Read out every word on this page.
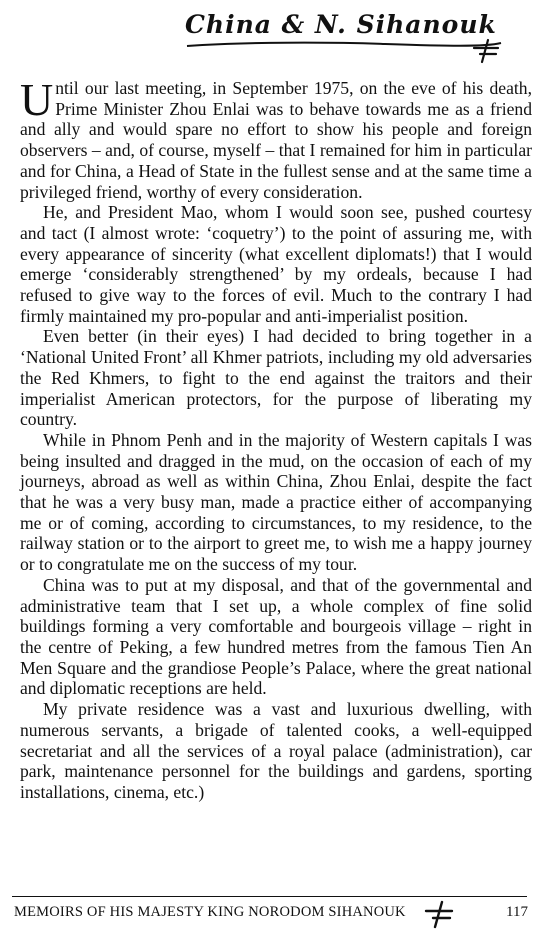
China & N. Sihanouk

Until our last meeting, in September 1975, on the eve of his death, Prime Minister Zhou Enlai was to behave towards me as a friend and ally and would spare no effort to show his people and foreign observers – and, of course, myself – that I remained for him in particular and for China, a Head of State in the fullest sense and at the same time a privileged friend, worthy of every consideration.

He, and President Mao, whom I would soon see, pushed courtesy and tact (I almost wrote: ‘coquetry’) to the point of assuring me, with every appearance of sincerity (what excellent diplomats!) that I would emerge ‘considerably strengthened’ by my ordeals, because I had refused to give way to the forces of evil. Much to the contrary I had firmly maintained my pro-popular and anti-imperialist position.

Even better (in their eyes) I had decided to bring together in a ‘National United Front’ all Khmer patriots, including my old adversaries the Red Khmers, to fight to the end against the traitors and their imperialist American protectors, for the purpose of liberating my country.

While in Phnom Penh and in the majority of Western capitals I was being insulted and dragged in the mud, on the occasion of each of my journeys, abroad as well as within China, Zhou Enlai, despite the fact that he was a very busy man, made a practice either of accompanying me or of coming, according to circumstances, to my residence, to the railway station or to the airport to greet me, to wish me a happy journey or to congratulate me on the success of my tour.

China was to put at my disposal, and that of the governmental and administrative team that I set up, a whole complex of fine solid buildings forming a very comfortable and bourgeois village – right in the centre of Peking, a few hundred metres from the famous Tien An Men Square and the grandiose People’s Palace, where the great national and diplomatic receptions are held.

My private residence was a vast and luxurious dwelling, with numerous servants, a brigade of talented cooks, a well-equipped secretariat and all the services of a royal palace (administration), car park, maintenance personnel for the buildings and gardens, sporting installations, cinema, etc.)

MEMOIRS OF HIS MAJESTY KING NORODOM SIHANOUK	117
